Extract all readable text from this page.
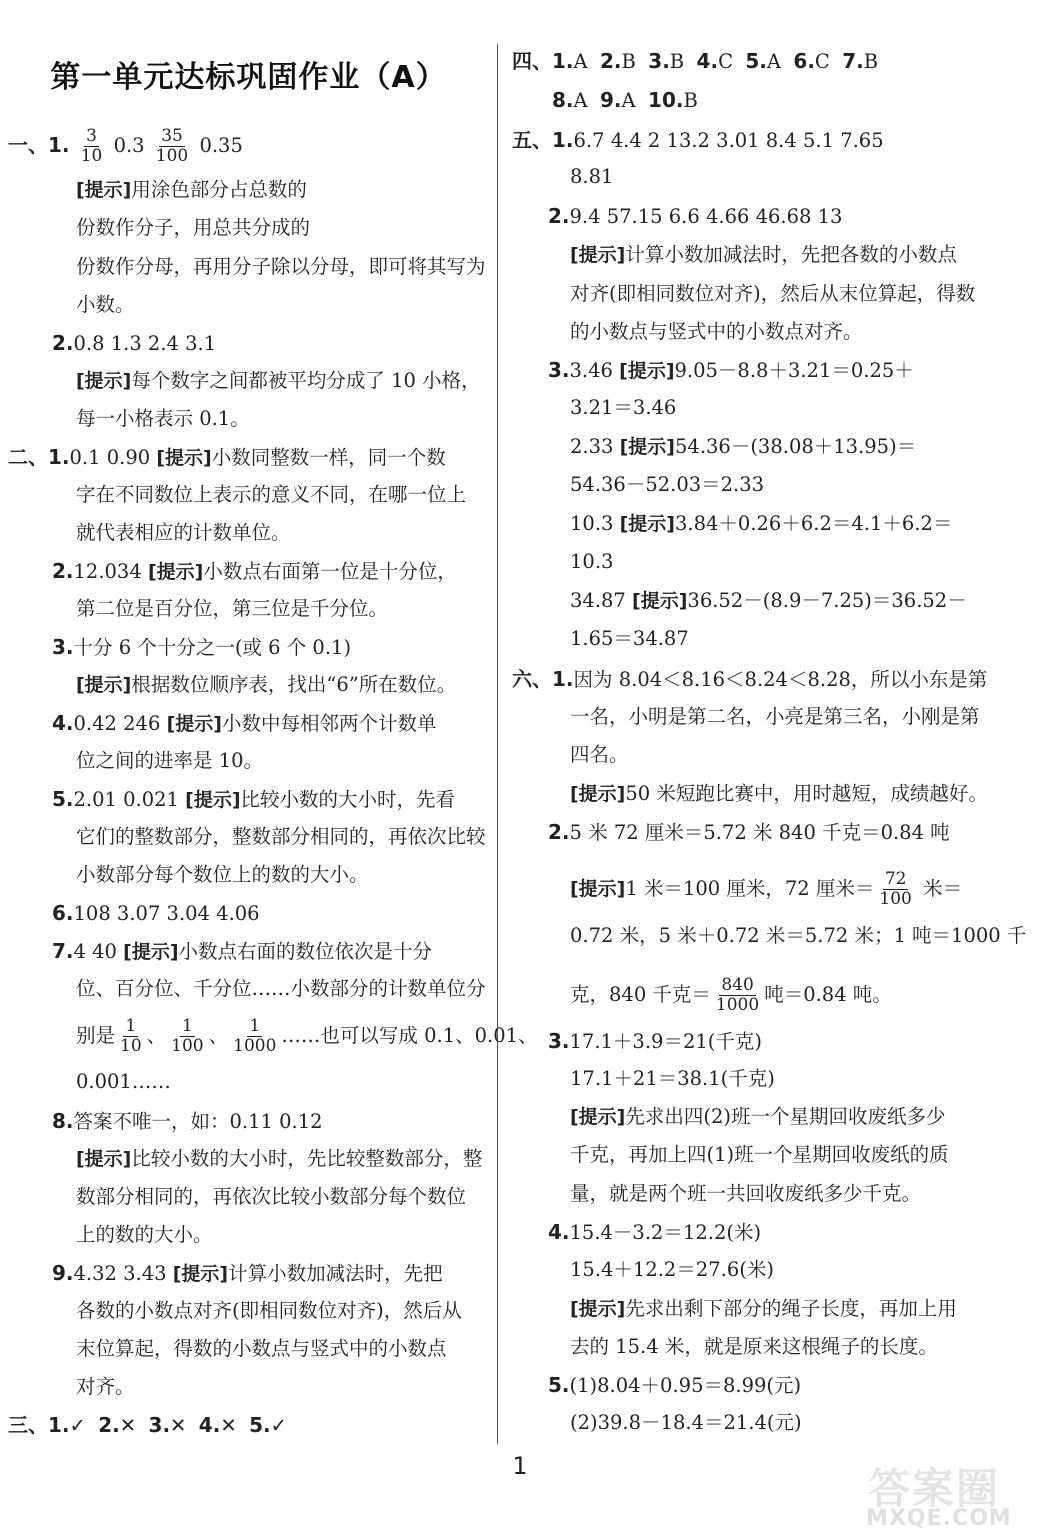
第一单元达标巩固作业（A）
一、1. $\frac{3}{10} 0.3 \frac{35}{100} 0.35$
[提示]用涂色部分占总数的
份数作分子，用总共分成的
份数作分母，再用分子除以分母，即可将其写为
小数。
2.0.8 1.3 2.4 3.1
[提示]每个数字之间都被平均分成了 10 小格，
每一小格表示 0.1。
二、1.0.1 0.90 [提示]小数同整数一样，同一个数
字在不同数位上表示的意义不同，在哪一位上
就代表相应的计数单位。
2.12.034 [提示]小数点右面第一位是十分位，
第二位是百分位，第三位是千分位。
3.十分 6 个十分之一(或 6 个 0.1)
[提示]根据数位顺序表，找出“6”所在数位。
4.0.42 246 [提示]小数中每相邻两个计数单
位之间的进率是 10。
5.2.01 0.021 [提示]比较小数的大小时，先看
它们的整数部分，整数部分相同的，再依次比较
小数部分每个数位上的数的大小。
6.108 3.07 3.04 4.06
7.4 40 [提示]小数点右面的数位依次是十分
位、百分位、千分位……小数部分的计数单位分
别是 $\frac{1}{10}$ 、 $\frac{1}{100}$ 、 $\frac{1}{1000}$ ……也可以写成 0.1、0.01、
0.001……
8.答案不唯一，如：0.11 0.12
[提示]比较小数的大小时，先比较整数部分，整
数部分相同的，再依次比较小数部分每个数位
上的数的大小。
9.4.32 3.43 [提示]计算小数加减法时，先把
各数的小数点对齐(即相同数位对齐)，然后从
末位算起，得数的小数点与竖式中的小数点
对齐。
三、1.✓ 2.✕ 3.✕ 4.✕ 5.✓
四、1.A 2.B 3.B 4.C 5.A 6.C 7.B
8.A 9.A 10.B
五、1.6.7 4.4 2 13.2 3.01 8.4 5.1 7.65
8.81
2.9.4 57.15 6.6 4.66 46.68 13
[提示]计算小数加减法时，先把各数的小数点
对齐(即相同数位对齐)，然后从末位算起，得数
的小数点与竖式中的小数点对齐。
3.3.46 [提示]9.05－8.8＋3.21＝0.25＋
3.21＝3.46
2.33 [提示]54.36－(38.08＋13.95)＝
54.36－52.03＝2.33
10.3 [提示]3.84＋0.26＋6.2＝4.1＋6.2＝
10.3
34.87 [提示]36.52－(8.9－7.25)＝36.52－
1.65＝34.87
六、1.因为 8.04＜8.16＜8.24＜8.28，所以小东是第
一名，小明是第二名，小亮是第三名，小刚是第
四名。
[提示]50 米短跑比赛中，用时越短，成绩越好。
2.5 米 72 厘米＝5.72 米 840 千克＝0.84 吨
[提示]1 米＝100 厘米，72 厘米＝ $\frac{72}{100}$ 米＝
0.72 米，5 米＋0.72 米＝5.72 米；1 吨＝1000 千
克，840 千克＝ $\frac{840}{1000}$ 吨＝0.84 吨。
3.17.1＋3.9＝21(千克)
17.1＋21＝38.1(千克)
[提示]先求出四(2)班一个星期回收废纸多少
千克，再加上四(1)班一个星期回收废纸的质
量，就是两个班一共回收废纸多少千克。
4.15.4－3.2＝12.2(米)
15.4＋12.2＝27.6(米)
[提示]先求出剩下部分的绳子长度，再加上用
去的 15.4 米，就是原来这根绳子的长度。
5.(1)8.04＋0.95＝8.99(元)
(2)39.8－18.4＝21.4(元)
1	答案圈
MXQE.COM
